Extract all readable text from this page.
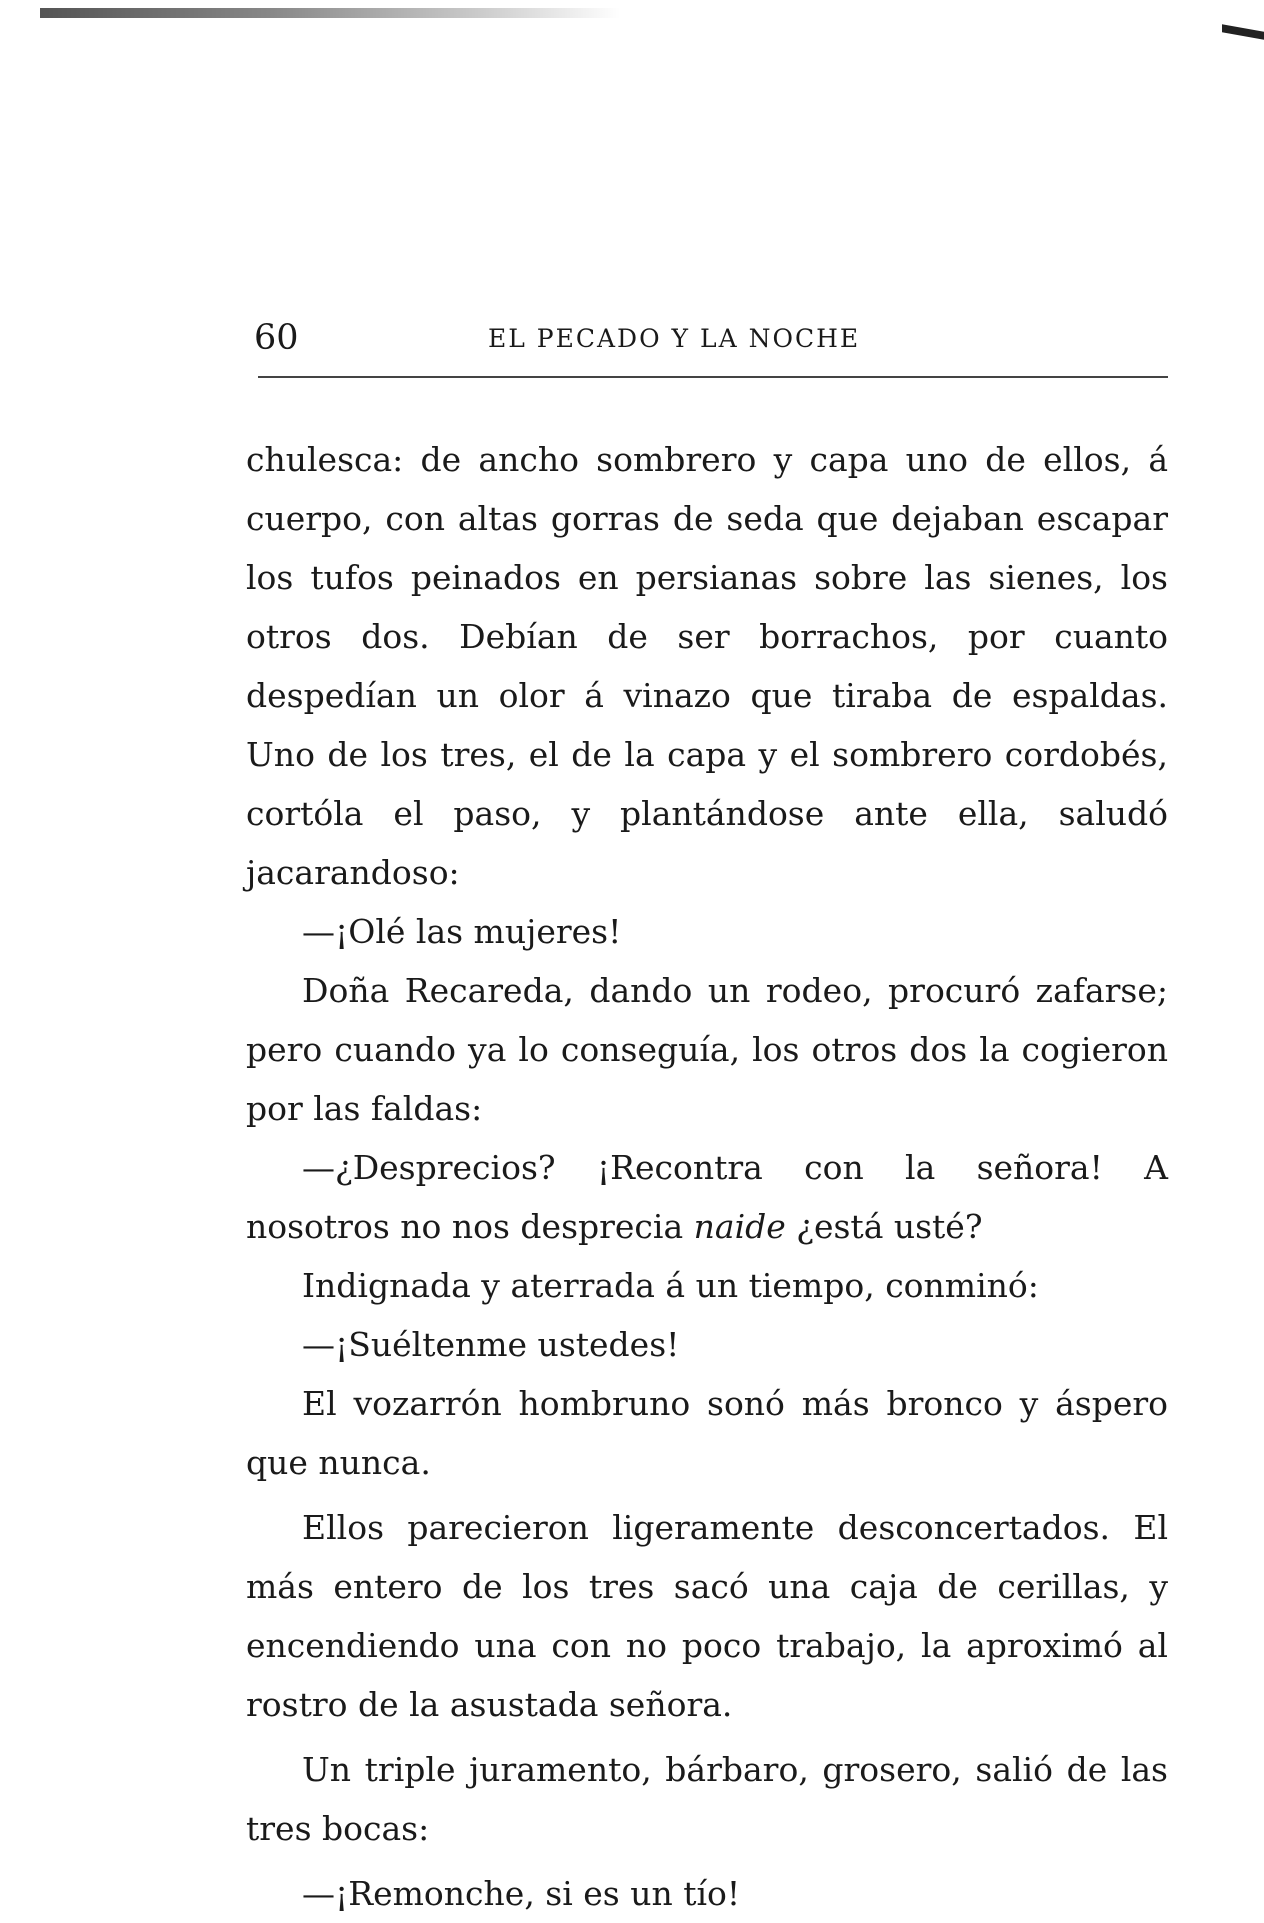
60	EL PECADO Y LA NOCHE

chulesca: de ancho sombrero y capa uno de ellos, á cuerpo, con altas gorras de seda que dejaban escapar los tufos peinados en persianas sobre las sienes, los otros dos. Debían de ser borrachos, por cuanto despedían un olor á vinazo que tiraba de espaldas. Uno de los tres, el de la capa y el sombrero cordobés, cortóla el paso, y plantándose ante ella, saludó jacarandoso:

—¡Olé las mujeres!

Doña Recareda, dando un rodeo, procuró zafarse; pero cuando ya lo conseguía, los otros dos la cogieron por las faldas:

—¿Desprecios? ¡Recontra con la señora! A nosotros no nos desprecia naide ¿está usté?

Indignada y aterrada á un tiempo, conminó:

—¡Suéltenme ustedes!

El vozarrón hombruno sonó más bronco y áspero que nunca.

Ellos parecieron ligeramente desconcertados. El más entero de los tres sacó una caja de cerillas, y encendiendo una con no poco trabajo, la aproximó al rostro de la asustada señora.

Un triple juramento, bárbaro, grosero, salió de las tres bocas:

—¡Remonche, si es un tío!
